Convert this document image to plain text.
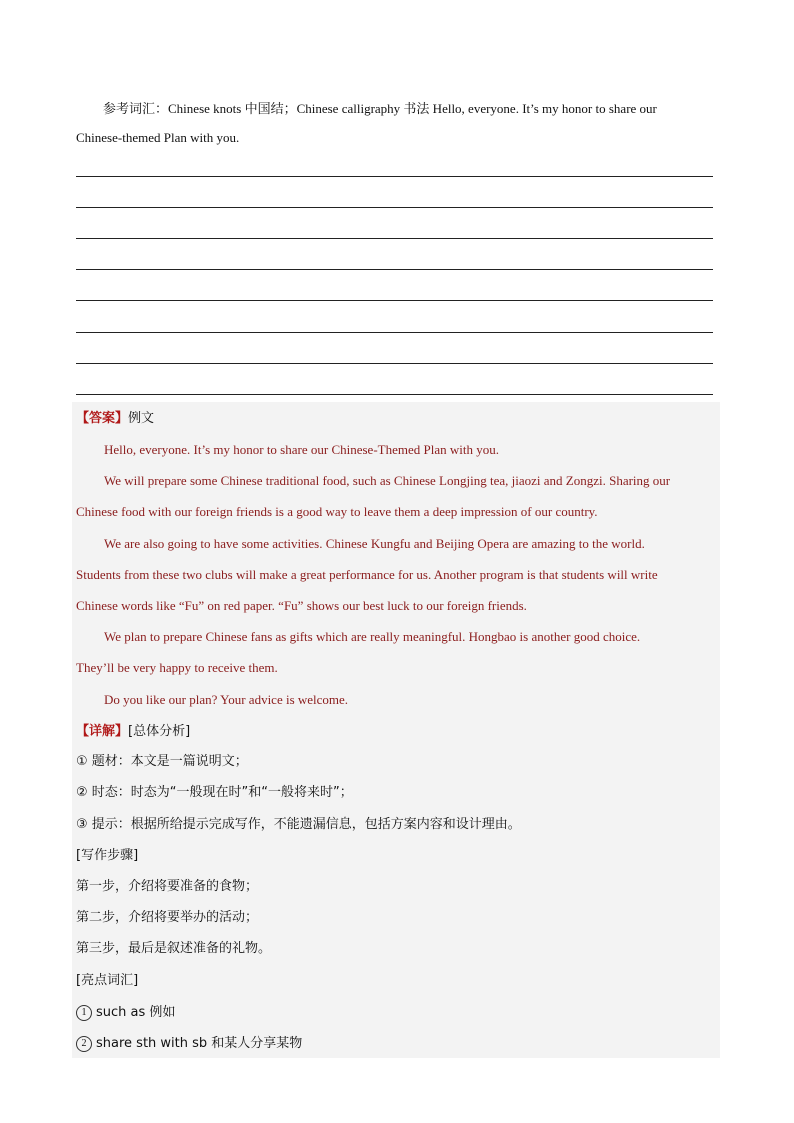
参考词汇：Chinese knots 中国结；Chinese calligraphy 书法 Hello, everyone. It’s my honor to share our
Chinese-themed Plan with you.
【答案】例文
Hello, everyone. It’s my honor to share our Chinese-Themed Plan with you.
We will prepare some Chinese traditional food, such as Chinese Longjing tea, jiaozi and Zongzi. Sharing our
Chinese food with our foreign friends is a good way to leave them a deep impression of our country.
We are also going to have some activities. Chinese Kungfu and Beijing Opera are amazing to the world.
Students from these two clubs will make a great performance for us. Another program is that students will write
Chinese words like “Fu” on red paper. “Fu” shows our best luck to our foreign friends.
We plan to prepare Chinese fans as gifts which are really meaningful. Hongbao is another good choice.
They’ll be very happy to receive them.
Do you like our plan? Your advice is welcome.
【详解】[总体分析]
① 题材：本文是一篇说明文；
② 时态：时态为“一般现在时”和“一般将来时”；
③ 提示：根据所给提示完成写作，不能遗漏信息，包括方案内容和设计理由。
[写作步骤]
第一步，介绍将要准备的食物；
第二步，介绍将要举办的活动；
第三步，最后是叙述准备的礼物。
[亮点词汇]
1 such as 例如
2 share sth with sb 和某人分享某物
